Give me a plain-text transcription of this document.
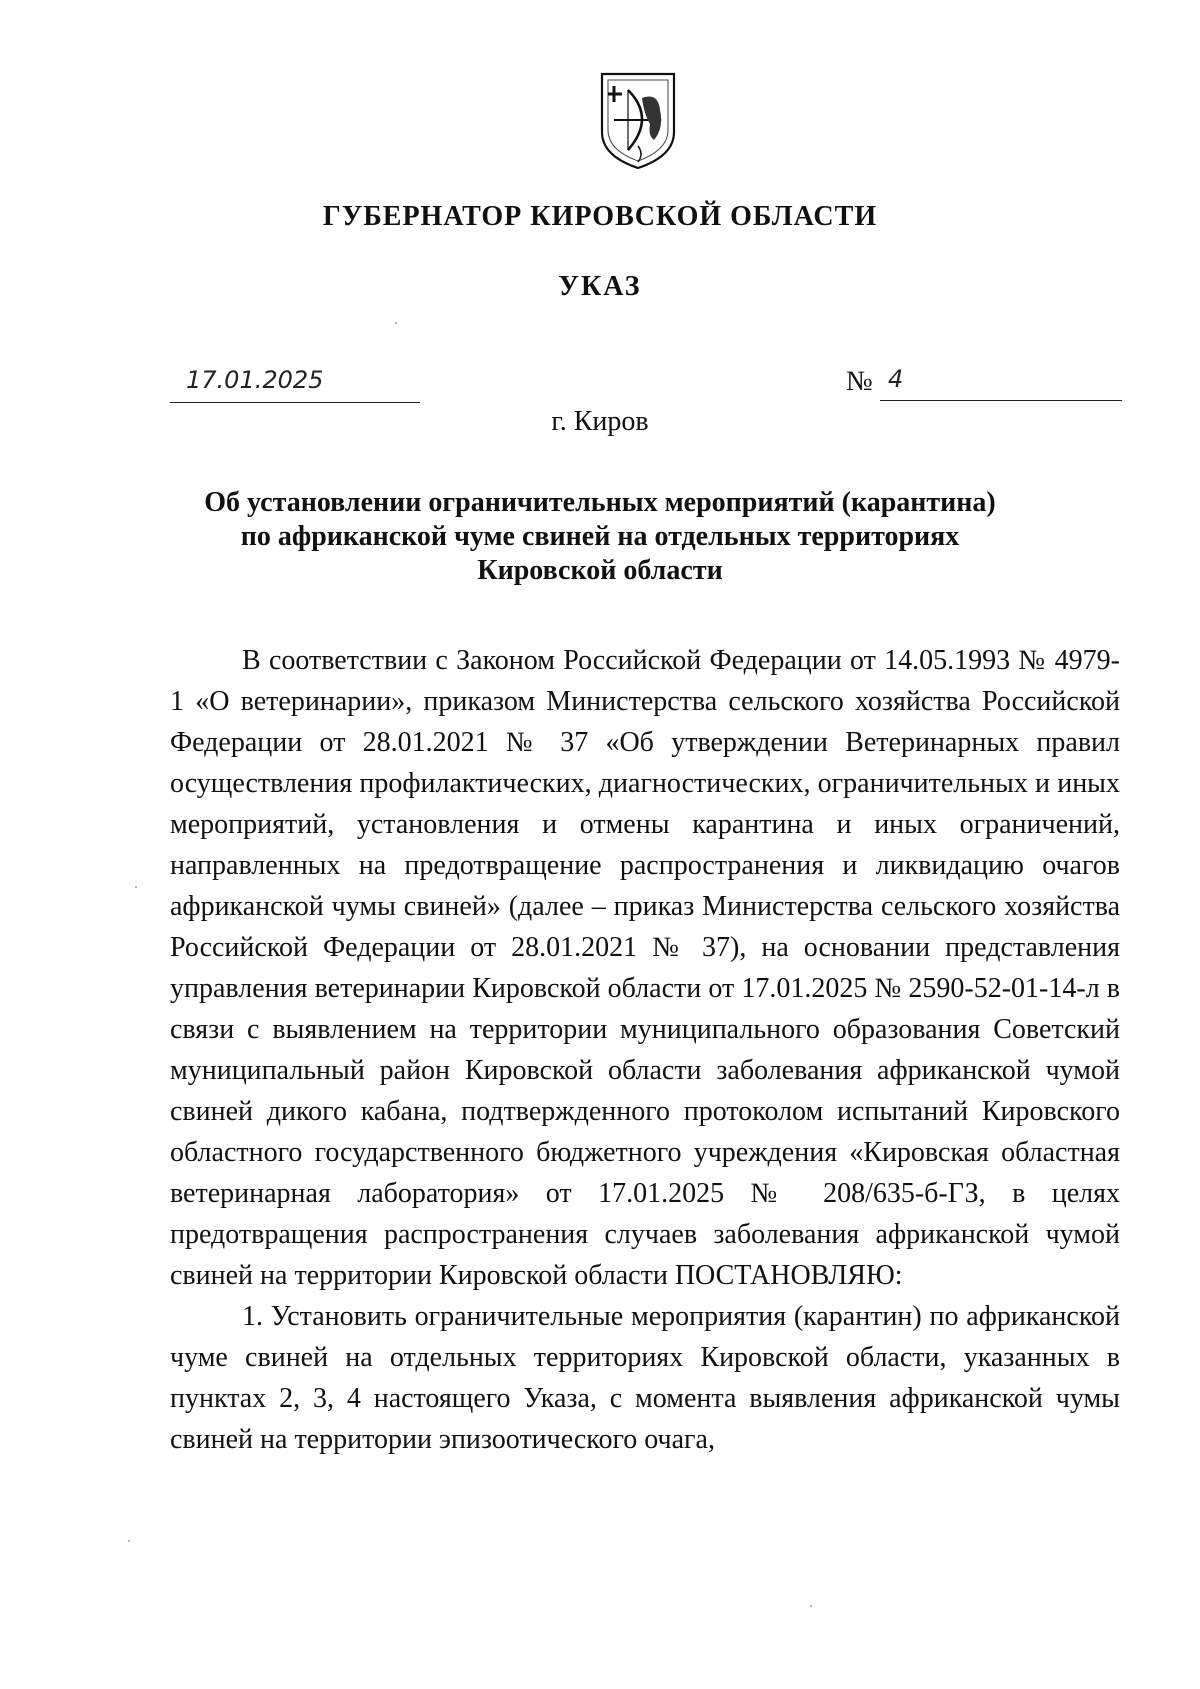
ГУБЕРНАТОР КИРОВСКОЙ ОБЛАСТИ
УКАЗ
17.01.2025	№ 4
г. Киров
Об установлении ограничительных мероприятий (карантина)
по африканской чуме свиней на отдельных территориях
Кировской области

В соответствии с Законом Российской Федерации от 14.05.1993 № 4979-1 «О ветеринарии», приказом Министерства сельского хозяйства Российской Федерации от 28.01.2021 № 37 «Об утверждении Ветеринарных правил осуществления профилактических, диагностических, ограничительных и иных мероприятий, установления и отмены карантина и иных ограничений, направленных на предотвращение распространения и ликвидацию очагов африканской чумы свиней» (далее – приказ Министерства сельского хозяйства Российской Федерации от 28.01.2021 № 37), на основании представления управления ветеринарии Кировской области от 17.01.2025 № 2590-52-01-14-л в связи с выявлением на территории муниципального образования Советский муниципальный район Кировской области заболевания африканской чумой свиней дикого кабана, подтвержденного протоколом испытаний Кировского областного государственного бюджетного учреждения «Кировская областная ветеринарная лаборатория» от 17.01.2025 № 208/635-б-ГЗ, в целях предотвращения распространения случаев заболевания африканской чумой свиней на территории Кировской области ПОСТАНОВЛЯЮ:

1. Установить ограничительные мероприятия (карантин) по африканской чуме свиней на отдельных территориях Кировской области, указанных в пунктах 2, 3, 4 настоящего Указа, с момента выявления африканской чумы свиней на территории эпизоотического очага,
